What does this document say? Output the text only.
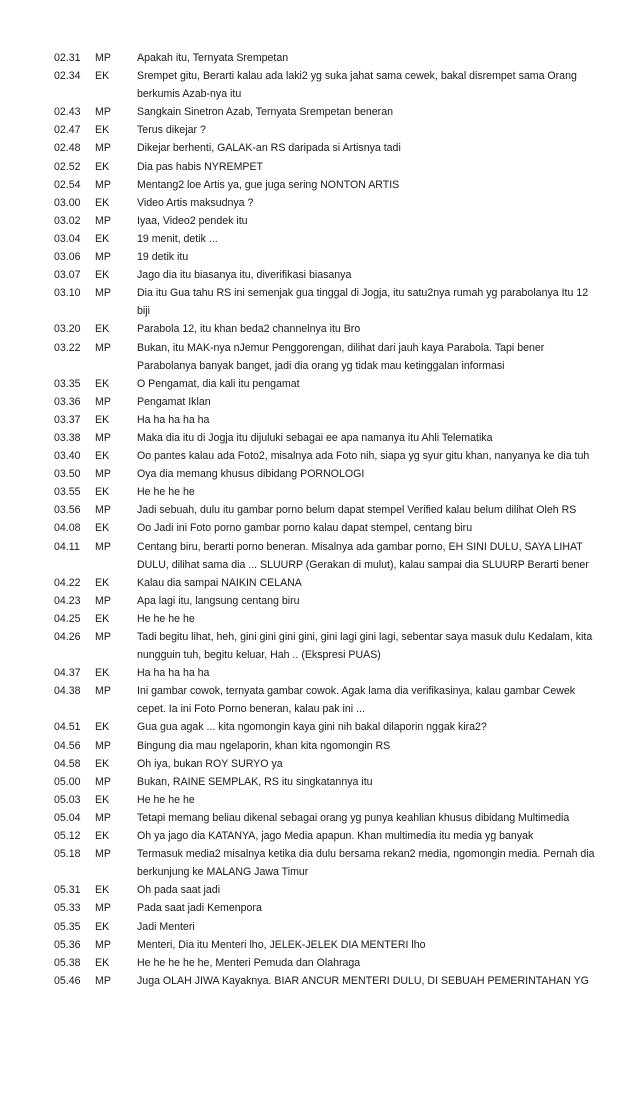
02.31	MP	Apakah itu, Ternyata Srempetan
02.34	EK	Srempet gitu, Berarti kalau ada laki2 yg suka jahat sama cewek, bakal disrempet sama Orang berkumis Azab-nya itu
02.43	MP	Sangkain Sinetron Azab, Ternyata Srempetan beneran
02.47	EK	Terus dikejar ?
02.48	MP	Dikejar berhenti, GALAK-an RS daripada si Artisnya tadi
02.52	EK	Dia pas habis NYREMPET
02.54	MP	Mentang2 loe Artis ya, gue juga sering NONTON ARTIS
03.00	EK	Video Artis maksudnya ?
03.02	MP	Iyaa, Video2 pendek itu
03.04	EK	19 menit, detik ...
03.06	MP	19 detik itu
03.07	EK	Jago dia itu biasanya itu, diverifikasi biasanya
03.10	MP	Dia itu Gua tahu RS ini semenjak gua tinggal di Jogja, itu satu2nya rumah yg parabolanya Itu 12 biji
03.20	EK	Parabola 12, itu khan beda2 channelnya itu Bro
03.22	MP	Bukan, itu MAK-nya nJemur Penggorengan, dilihat dari jauh kaya Parabola. Tapi bener Parabolanya banyak banget, jadi dia orang yg tidak mau ketinggalan informasi
03.35	EK	O Pengamat, dia kali itu pengamat
03.36	MP	Pengamat Iklan
03.37	EK	Ha ha ha ha ha
03.38	MP	Maka dia itu di Jogja itu dijuluki sebagai ee apa namanya itu Ahli Telematika
03.40	EK	Oo pantes kalau ada Foto2, misalnya ada Foto nih, siapa yg syur gitu khan, nanyanya ke dia tuh
03.50	MP	Oya dia memang khusus dibidang PORNOLOGI
03.55	EK	He he he he
03.56	MP	Jadi sebuah, dulu itu gambar porno belum dapat stempel Verified kalau belum dilihat Oleh RS
04.08	EK	Oo Jadi ini Foto porno gambar porno kalau dapat stempel, centang biru
04.11	MP	Centang biru, berarti porno beneran. Misalnya ada gambar porno, EH SINI DULU, SAYA LIHAT DULU, dilihat sama dia ... SLUURP (Gerakan di mulut), kalau sampai dia SLUURP Berarti bener
04.22	EK	Kalau dia sampai NAIKIN CELANA
04.23	MP	Apa lagi itu, langsung centang biru
04.25	EK	He he he he
04.26	MP	Tadi begitu lihat, heh, gini gini gini gini, gini lagi gini lagi, sebentar saya masuk dulu Kedalam, kita nungguin tuh, begitu keluar, Hah .. (Ekspresi PUAS)
04.37	EK	Ha ha ha ha ha
04.38	MP	Ini gambar cowok, ternyata gambar cowok. Agak lama dia verifikasinya, kalau gambar Cewek cepet. Ia ini Foto Porno beneran, kalau pak ini ...
04.51	EK	Gua gua agak ... kita ngomongin kaya gini nih bakal dilaporin nggak kira2?
04.56	MP	Bingung dia mau ngelaporin, khan kita ngomongin RS
04.58	EK	Oh iya, bukan ROY SURYO ya
05.00	MP	Bukan, RAINE SEMPLAK, RS itu singkatannya itu
05.03	EK	He he he he
05.04	MP	Tetapi memang beliau dikenal sebagai orang yg punya keahlian khusus dibidang Multimedia
05.12	EK	Oh ya jago dia KATANYA, jago Media apapun. Khan multimedia itu media yg banyak
05.18	MP	Termasuk media2 misalnya ketika dia dulu bersama rekan2 media, ngomongin media. Pernah dia berkunjung ke MALANG Jawa Timur
05.31	EK	Oh pada saat jadi
05.33	MP	Pada saat jadi Kemenpora
05.35	EK	Jadi Menteri
05.36	MP	Menteri, Dia itu Menteri lho, JELEK-JELEK DIA MENTERI lho
05.38	EK	He he he he he, Menteri Pemuda dan Olahraga
05.46	MP	Juga OLAH JIWA Kayaknya. BIAR ANCUR MENTERI DULU, DI SEBUAH PEMERINTAHAN YG
